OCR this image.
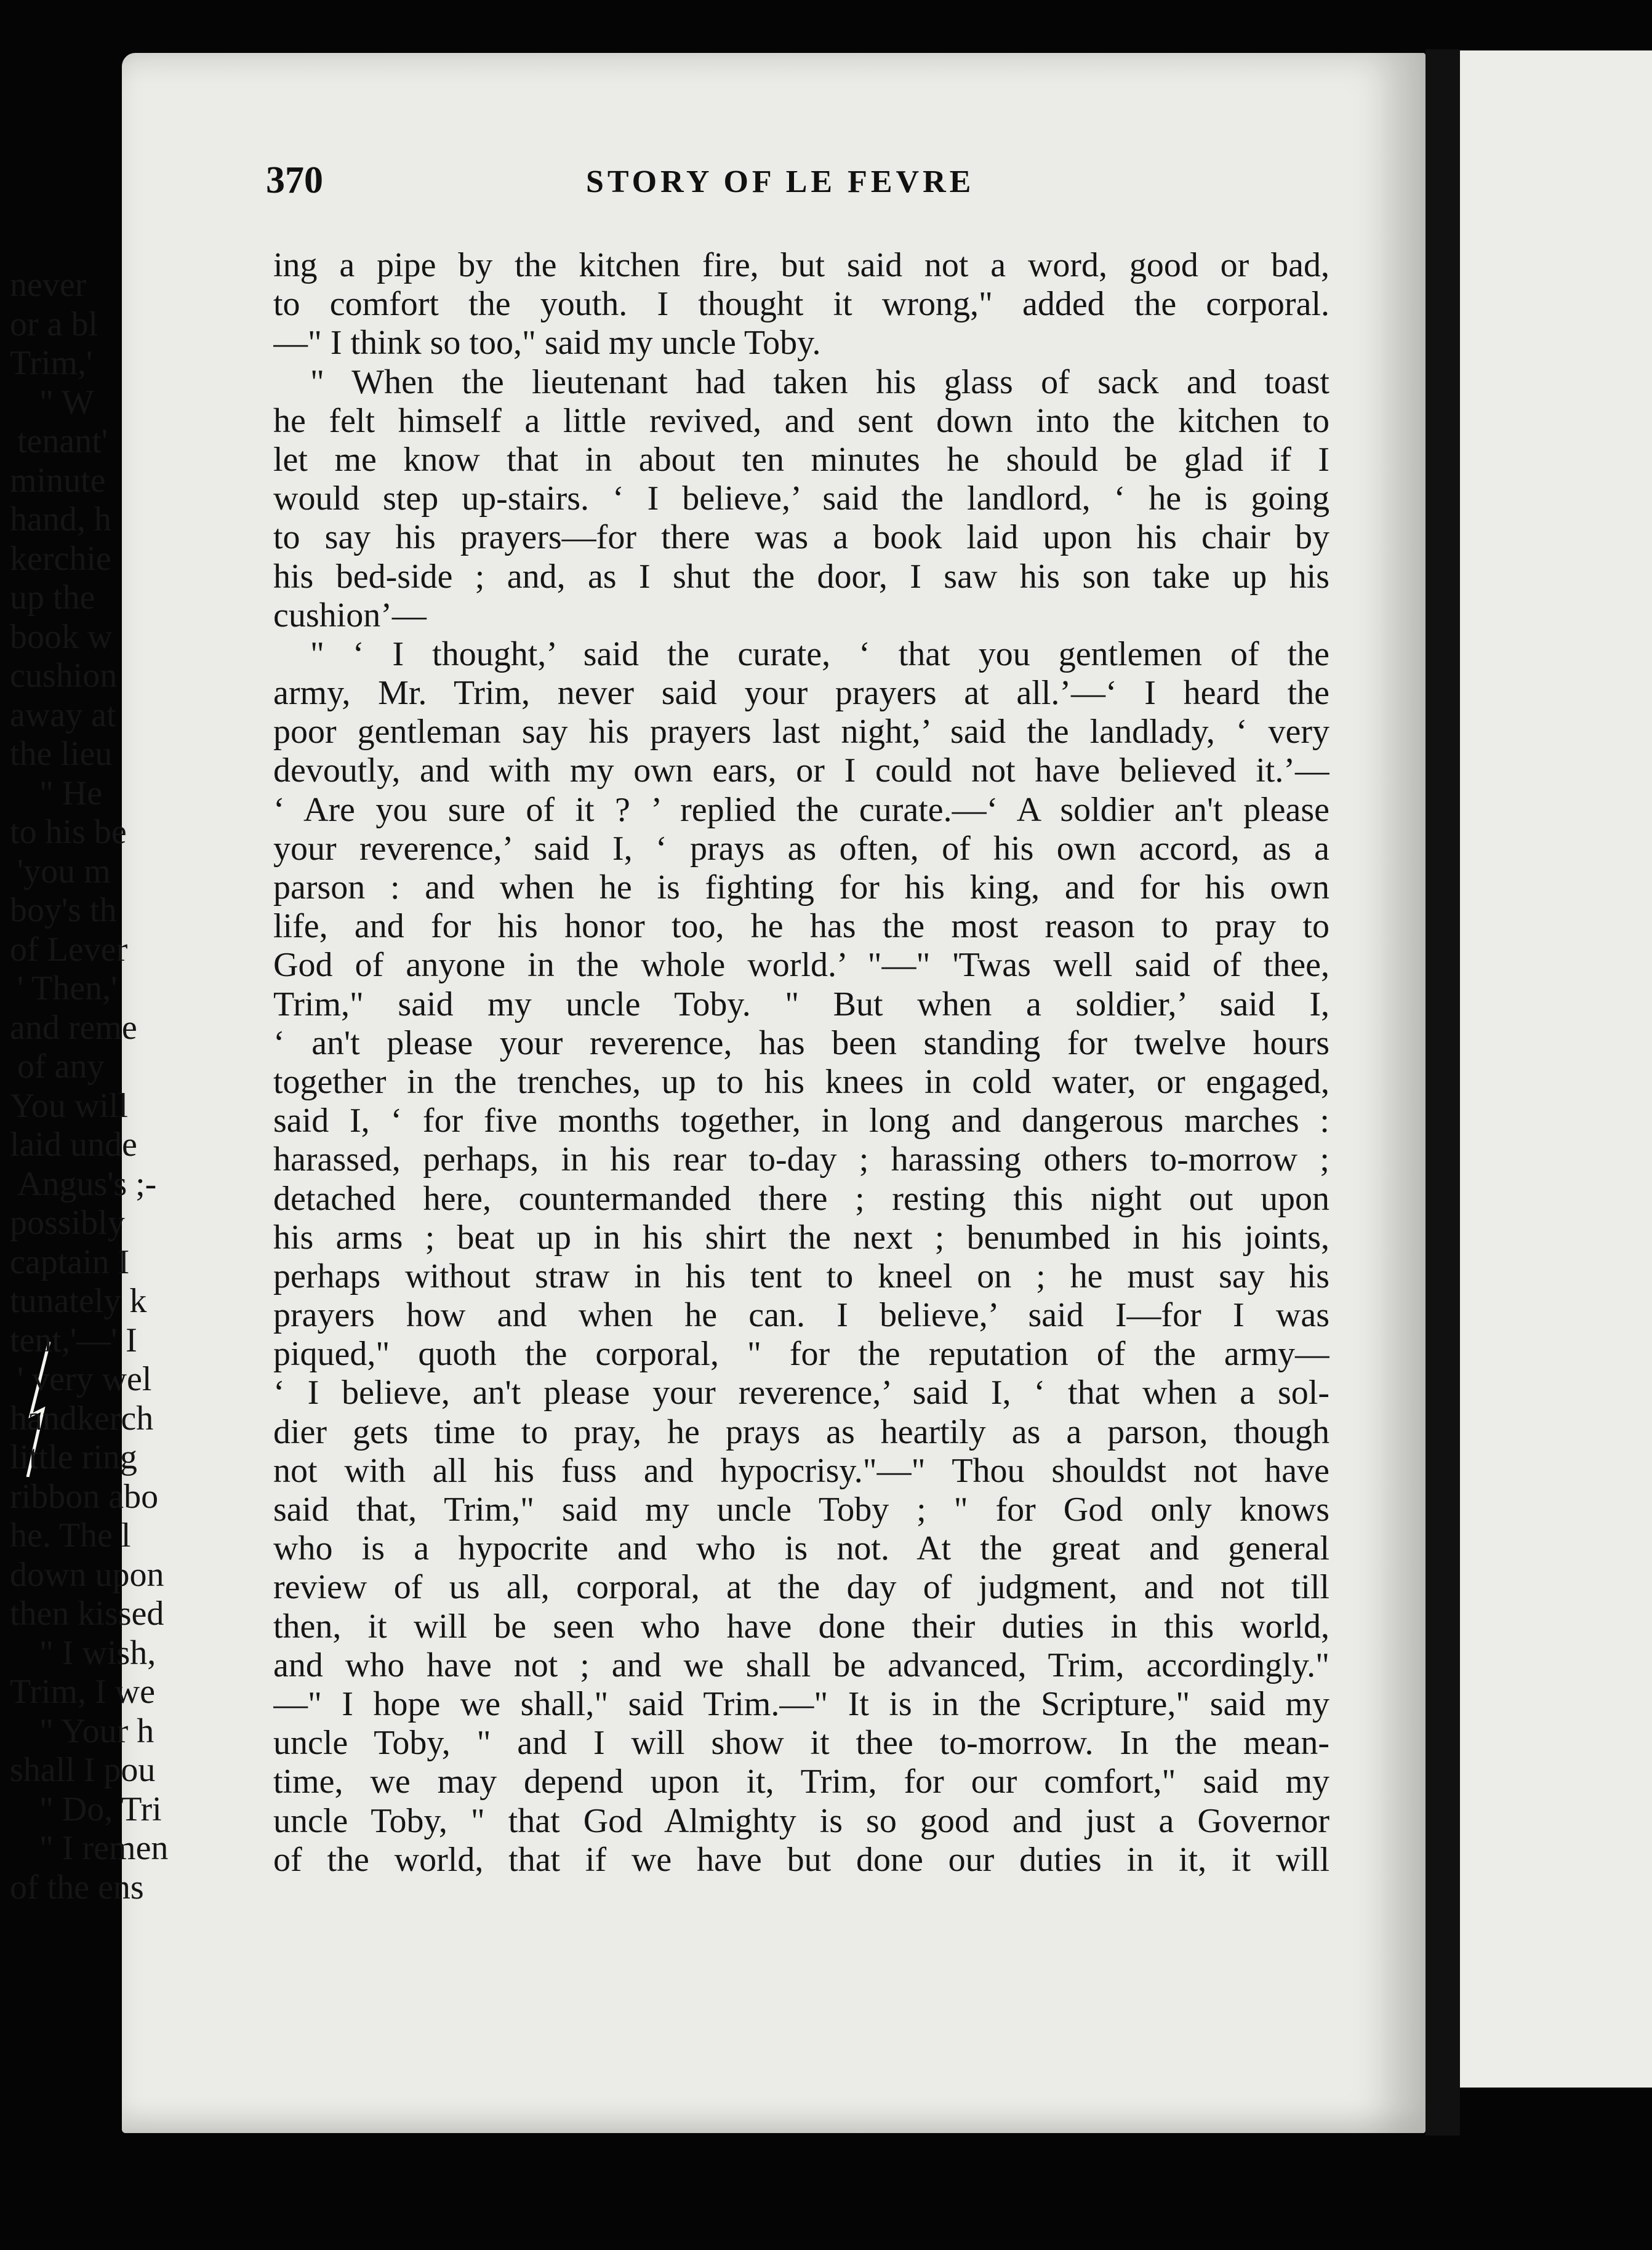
370	STORY OF LE FEVRE
ing a pipe by the kitchen fire, but said not a word, good or bad,
to comfort the youth. I thought it wrong," added the corporal.
—" I think so too," said my uncle Toby.
" When the lieutenant had taken his glass of sack and toast
he felt himself a little revived, and sent down into the kitchen to
let me know that in about ten minutes he should be glad if I
would step up-stairs. ‘ I believe,’ said the landlord, ‘ he is going
to say his prayers—for there was a book laid upon his chair by
his bed-side ; and, as I shut the door, I saw his son take up his
cushion’—
" ‘ I thought,’ said the curate, ‘ that you gentlemen of the
army, Mr. Trim, never said your prayers at all.’—‘ I heard the
poor gentleman say his prayers last night,’ said the landlady, ‘ very
devoutly, and with my own ears, or I could not have believed it.’—
‘ Are you sure of it ? ’ replied the curate.—‘ A soldier an't please
your reverence,’ said I, ‘ prays as often, of his own accord, as a
parson : and when he is fighting for his king, and for his own
life, and for his honor too, he has the most reason to pray to
God of anyone in the whole world.’ "—" 'Twas well said of thee,
Trim," said my uncle Toby. " But when a soldier,’ said I,
‘ an't please your reverence, has been standing for twelve hours
together in the trenches, up to his knees in cold water, or engaged,
said I, ‘ for five months together, in long and dangerous marches :
harassed, perhaps, in his rear to-day ; harassing others to-morrow ;
detached here, countermanded there ; resting this night out upon
his arms ; beat up in his shirt the next ; benumbed in his joints,
perhaps without straw in his tent to kneel on ; he must say his
prayers how and when he can. I believe,’ said I—for I was
piqued," quoth the corporal, " for the reputation of the army—
‘ I believe, an't please your reverence,’ said I, ‘ that when a sol-
dier gets time to pray, he prays as heartily as a parson, though
not with all his fuss and hypocrisy."—" Thou shouldst not have
said that, Trim," said my uncle Toby ; " for God only knows
who is a hypocrite and who is not. At the great and general
review of us all, corporal, at the day of judgment, and not till
then, it will be seen who have done their duties in this world,
and who have not ; and we shall be advanced, Trim, accordingly."
—" I hope we shall," said Trim.—" It is in the Scripture," said my
uncle Toby, " and I will show it thee to-morrow. In the mean-
time, we may depend upon it, Trim, for our comfort," said my
uncle Toby, " that God Almighty is so good and just a Governor
of the world, that if we have but done our duties in it, it will
never
or a bl
Trim,'
" W
tenant'
minute
hand, h
kerchie
up the
book w
cushion
away at
the lieu
" He
to his be
'you m
boy's th
of Lever
' Then,'
and reme
of any
You will
laid unde
Angus's ;-
possibly
captain I
tunately k
tent,'—' I
' very wel
handkerch
little ring
ribbon abo
he. The l
down upon
then kissed
" I wish,
Trim, I we
" Your h
shall I pou
" Do, Tri
" I remen
of the ens
